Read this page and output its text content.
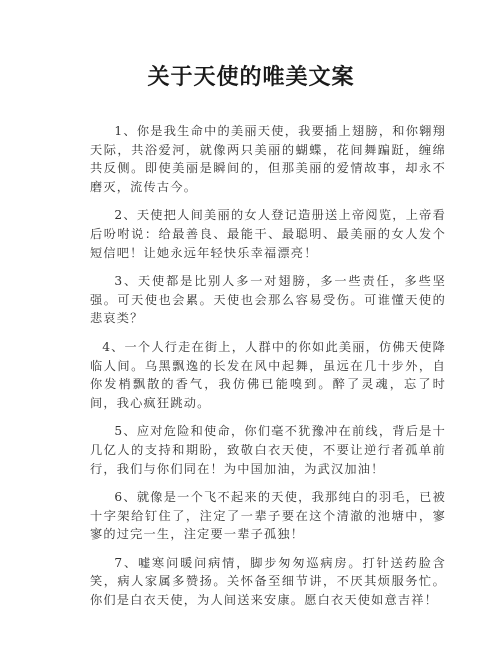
关于天使的唯美文案

1、你是我生命中的美丽天使，我要插上翅膀，和你翱翔天际，共浴爱河，就像两只美丽的蝴蝶，花间舞蹁跹，缠绵共反侧。即使美丽是瞬间的，但那美丽的爱情故事，却永不磨灭，流传古今。

2、天使把人间美丽的女人登记造册送上帝阅览，上帝看后吩咐说：给最善良、最能干、最聪明、最美丽的女人发个短信吧！让她永远年轻快乐幸福漂亮！

3、天使都是比别人多一对翅膀，多一些责任，多些坚强。可天使也会累。天使也会那么容易受伤。可谁懂天使的悲哀类？

4、一个人行走在街上，人群中的你如此美丽，仿佛天使降临人间。乌黑飘逸的长发在风中起舞，虽远在几十步外，自你发梢飘散的香气，我仿佛已能嗅到。醉了灵魂，忘了时间，我心疯狂跳动。

5、应对危险和使命，你们毫不犹豫冲在前线，背后是十几亿人的支持和期盼，致敬白衣天使，不要让逆行者孤单前行，我们与你们同在！为中国加油，为武汉加油！

6、就像是一个飞不起来的天使，我那纯白的羽毛，已被十字架给钉住了，注定了一辈子要在这个清澈的池塘中，寥寥的过完一生，注定要一辈子孤独！

7、嘘寒问暖问病情，脚步匆匆巡病房。打针送药脸含笑，病人家属多赞扬。关怀备至细节讲，不厌其烦服务忙。你们是白衣天使，为人间送来安康。愿白衣天使如意吉祥！
